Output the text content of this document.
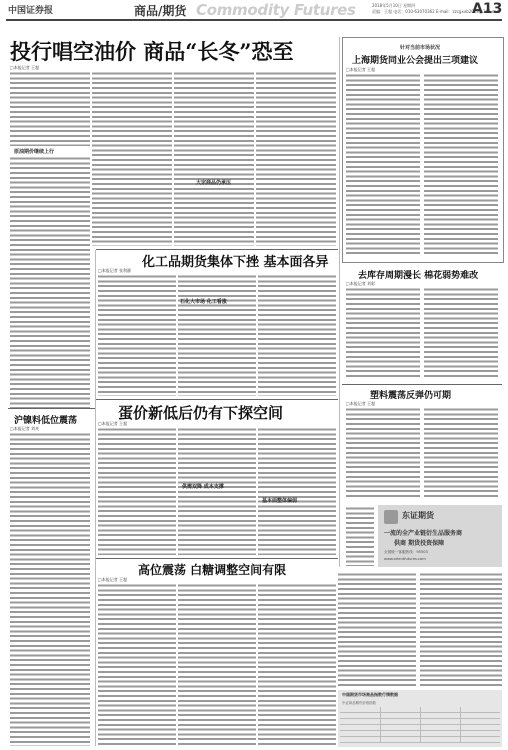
中国证券报	商品/期货 Commodity Futures	2018年5月10日 星期四
责编：王超 电话：010-63070362 E-mail：zzcgxxb2008@163.com
A13
投行唱空油价 商品“长冬”恐至
□本报记者 王超
原油期价继续上行
大宗商品仍承压
针对当前市场状况
上海期货同业公会提出三项建议
□本报记者 王超
化工品期货集体下挫 基本面各异
□本报记者 张利静
石化大市场 化工看涨
去库存周期漫长 棉花弱势难改
□本报记者 刘彩
塑料震荡反弹仍可期
□本报记者 王超
沪镍料低位震荡
□本报记者 刘麦
蛋价新低后仍有下探空间
□本报记者 王超
供需双降 成本支撑
基本面整体偏弱
高位震荡 白糖调整空间有限
□本报记者 王超
东证期货
一流的全产业链衍生品服务商
供商 期货投资保障
全国统一客服热线：95503
www.orientfutures.com
中国期货市场商品指数行情数据
中证商品期货价格指数
